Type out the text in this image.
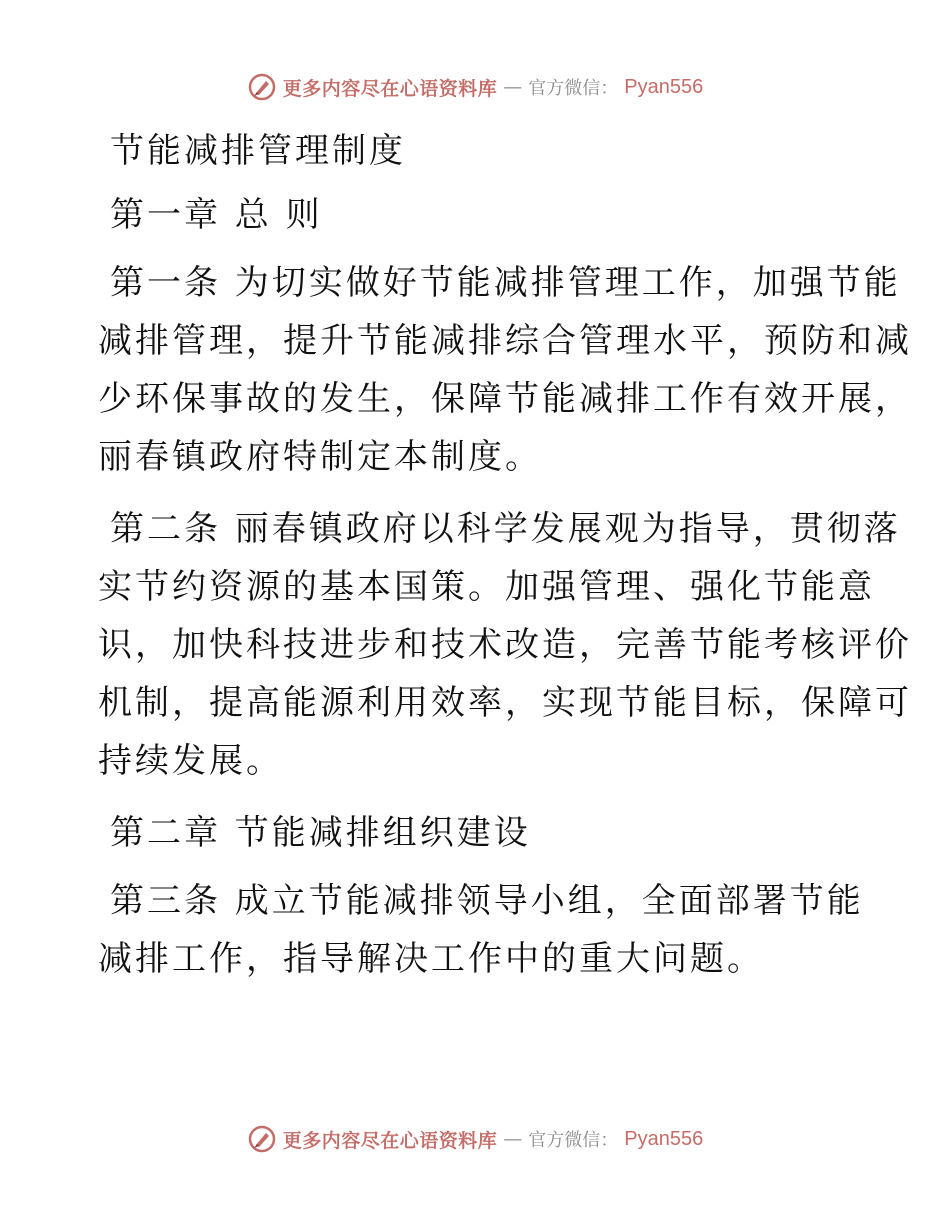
更多内容尽在心语资料库 — 官方微信： Pyan556
节能减排管理制度
第一章 总 则
第一条 为切实做好节能减排管理工作，加强节能
减排管理，提升节能减排综合管理水平，预防和减
少环保事故的发生，保障节能减排工作有效开展，
丽春镇政府特制定本制度。
第二条 丽春镇政府以科学发展观为指导，贯彻落
实节约资源的基本国策。加强管理、强化节能意
识，加快科技进步和技术改造，完善节能考核评价
机制，提高能源利用效率，实现节能目标，保障可
持续发展。
第二章 节能减排组织建设
第三条 成立节能减排领导小组，全面部署节能
减排工作，指导解决工作中的重大问题。
更多内容尽在心语资料库 — 官方微信： Pyan556
